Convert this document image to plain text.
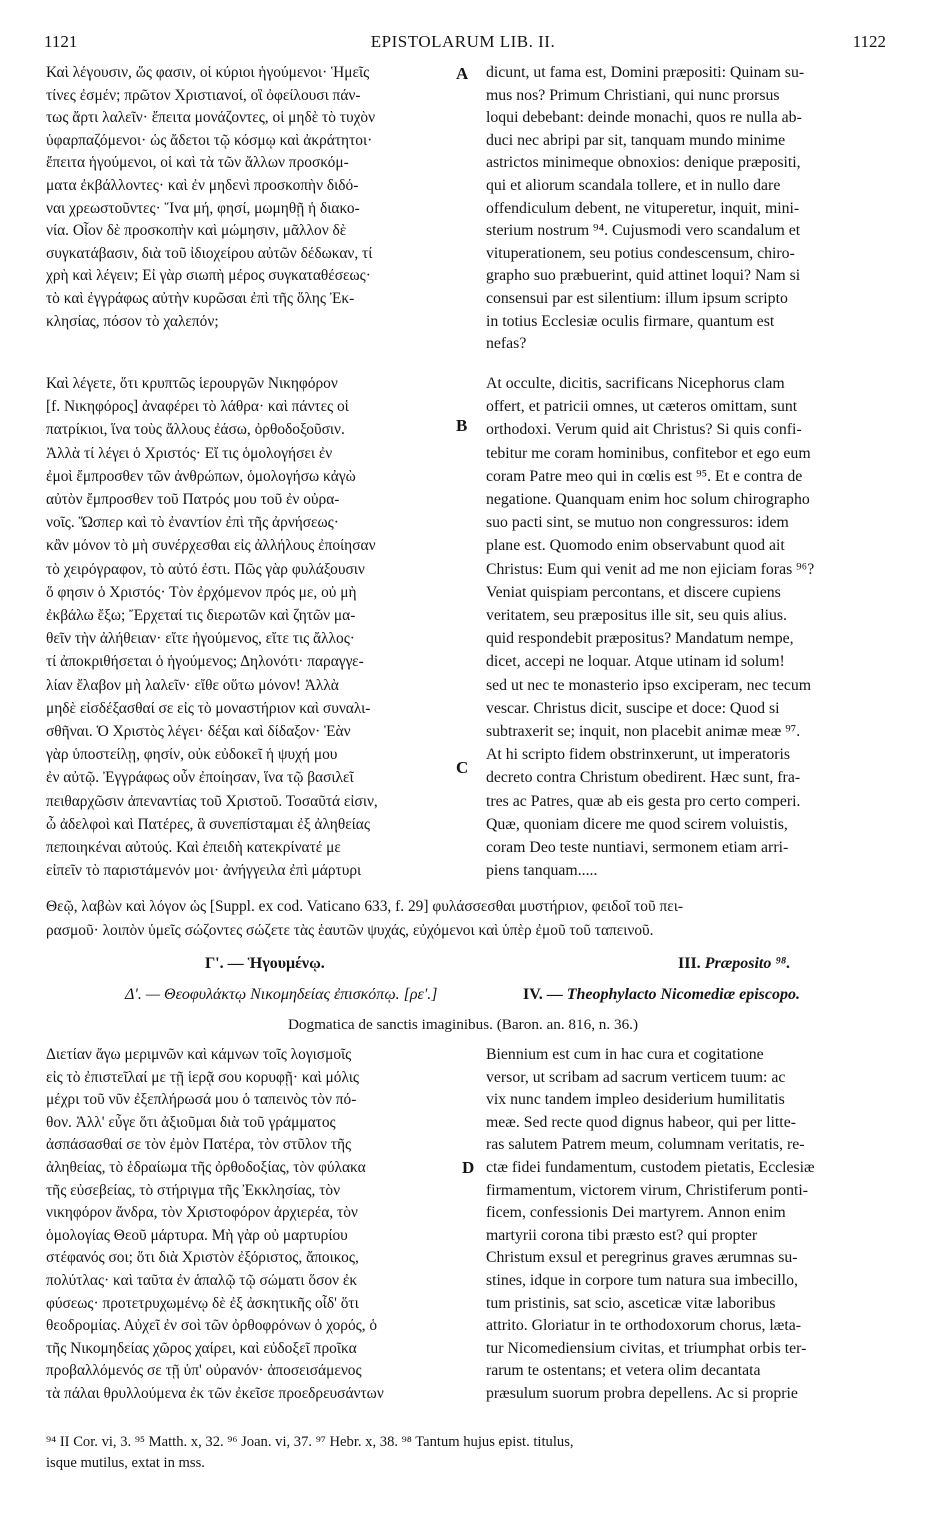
1121	EPISTOLARUM LIB. II.	1122
Καὶ λέγουσιν, ὥς φασιν, οἱ κύριοι ἡγούμενοι· Ἡμεῖς
τίνες ἐσμέν; πρῶτον Χριστιανοί, οἳ ὀφείλουσι πάν-
τως ἄρτι λαλεῖν· ἔπειτα μονάζοντες, οἱ μηδὲ τὸ τυχὸν
ὑφαρπαζόμενοι· ὡς ἄδετοι τῷ κόσμῳ καὶ ἀκράτητοι·
ἔπειτα ἡγούμενοι, οἱ καὶ τὰ τῶν ἄλλων προσκόμ-
ματα ἐκβάλλοντες· καὶ ἐν μηδενὶ προσκοπὴν διδό-
ναι χρεωστοῦντες· Ἵνα μή, φησί, μωμηθῇ ἡ διακο-
νία. Οἷον δὲ προσκοπὴν καὶ μώμησιν, μᾶλλον δὲ
συγκατάβασιν, διὰ τοῦ ἰδιοχείρου αὐτῶν δέδωκαν, τί
χρὴ καὶ λέγειν; Εἰ γὰρ σιωπὴ μέρος συγκαταθέσεως·
τὸ καὶ ἐγγράφως αὐτὴν κυρῶσαι ἐπὶ τῆς ὅλης Ἐκ-
κλησίας, πόσον τὸ χαλεπόν;
dicunt, ut fama est, Domini præpositi: Quinam su-
mus nos? Primum Christiani, qui nunc prorsus
loqui debebant: deinde monachi, quos re nulla ab-
duci nec abripi par sit, tanquam mundo minime
astrictos minimeque obnoxios: denique præpositi,
qui et aliorum scandala tollere, et in nullo dare
offendiculum debent, ne vituperetur, inquit, mini-
sterium nostrum ⁹⁴. Cujusmodi vero scandalum et
vituperationem, seu potius condescensum, chiro-
grapho suo præbuerint, quid attinet loqui? Nam si
consensui par est silentium: illum ipsum scripto
in totius Ecclesiæ oculis firmare, quantum est
nefas?
Καὶ λέγετε, ὅτι κρυπτῶς ἱερουργῶν Νικηφόρον
[f. Νικηφόρος] ἀναφέρει τὸ λάθρα· καὶ πάντες οἱ
πατρίκιοι, ἵνα τοὺς ἄλλους ἐάσω, ὀρθοδοξοῦσιν.
Ἀλλὰ τί λέγει ὁ Χριστός· Εἴ τις ὁμολογήσει ἐν
ἐμοὶ ἔμπροσθεν τῶν ἀνθρώπων, ὁμολογήσω κἀγὼ
αὐτὸν ἔμπροσθεν τοῦ Πατρός μου τοῦ ἐν οὐρα-
νοῖς. Ὥσπερ καὶ τὸ ἐναντίον ἐπὶ τῆς ἀρνήσεως·
κἂν μόνον τὸ μὴ συνέρχεσθαι εἰς ἀλλήλους ἐποίησαν
τὸ χειρόγραφον, τὸ αὐτό ἐστι. Πῶς γὰρ φυλάξουσιν
ὅ φησιν ὁ Χριστός· Τὸν ἐρχόμενον πρός με, οὐ μὴ
ἐκβάλω ἔξω; Ἔρχεταί τις διερωτῶν καὶ ζητῶν μα-
θεῖν τὴν ἀλήθειαν· εἴτε ἡγούμενος, εἴτε τις ἄλλος·
τί ἀποκριθήσεται ὁ ἡγούμενος; Δηλονότι· παραγγε-
λίαν ἔλαβον μὴ λαλεῖν· εἴθε οὕτω μόνον! Ἀλλὰ
μηδὲ εἰσδέξασθαί σε εἰς τὸ μοναστήριον καὶ συναλι-
σθῆναι. Ὁ Χριστὸς λέγει· δέξαι καὶ δίδαξον· Ἐὰν
γὰρ ὑποστείλῃ, φησίν, οὐκ εὐδοκεῖ ἡ ψυχή μου
ἐν αὐτῷ. Ἐγγράφως οὖν ἐποίησαν, ἵνα τῷ βασιλεῖ
πειθαρχῶσιν ἀπεναντίας τοῦ Χριστοῦ. Τοσαῦτά εἰσιν,
ὦ ἀδελφοὶ καὶ Πατέρες, ἃ συνεπίσταμαι ἐξ ἀληθείας
πεποιηκέναι αὐτούς. Καὶ ἐπειδὴ κατεκρίνατέ με
εἰπεῖν τὸ παριστάμενόν μοι· ἀνήγγειλα ἐπὶ μάρτυρι
At occulte, dicitis, sacrificans Nicephorus clam
offert, et patricii omnes, ut cæteros omittam, sunt
orthodoxi. Verum quid ait Christus? Si quis confi-
tebitur me coram hominibus, confitebor et ego eum
coram Patre meo qui in cœlis est ⁹⁵. Et e contra de
negatione. Quanquam enim hoc solum chirographo
suo pacti sint, se mutuo non congressuros: idem
plane est. Quomodo enim observabunt quod ait
Christus: Eum qui venit ad me non ejiciam foras ⁹⁶?
Veniat quispiam percontans, et discere cupiens
veritatem, seu præpositus ille sit, seu quis alius.
quid respondebit præpositus? Mandatum nempe,
dicet, accepi ne loquar. Atque utinam id solum!
sed ut nec te monasterio ipso exciperam, nec tecum
vescar. Christus dicit, suscipe et doce: Quod si
subtraxerit se; inquit, non placebit animæ meæ ⁹⁷.
At hi scripto fidem obstrinxerunt, ut imperatoris
decreto contra Christum obedirent. Hæc sunt, fra-
tres ac Patres, quæ ab eis gesta pro certo comperi.
Quæ, quoniam dicere me quod scirem voluistis,
coram Deo teste nuntiavi, sermonem etiam arri-
piens tanquam.....
A
B
C
D
Θεῷ, λαβὼν καὶ λόγον ὡς [Suppl. ex cod. Vaticano 633, f. 29] φυλάσσεσθαι μυστήριον, φειδοῖ τοῦ πει-
ρασμοῦ· λοιπὸν ὑμεῖς σώζοντες σώζετε τὰς ἑαυτῶν ψυχάς, εὐχόμενοι καὶ ὑπὲρ ἐμοῦ τοῦ ταπεινοῦ.
Γ'. — Ἡγουμένῳ.	III. Præposito ⁹⁸.
Δ'. — Θεοφυλάκτῳ Νικομηδείας ἐπισκόπῳ. [ρε'.]	IV. — Theophylacto Nicomediæ episcopo.
Dogmatica de sanctis imaginibus. (Baron. an. 816, n. 36.)
Διετίαν ἄγω μεριμνῶν καὶ κάμνων τοῖς λογισμοῖς
εἰς τὸ ἐπιστεῖλαί με τῇ ἱερᾷ σου κορυφῇ· καὶ μόλις
μέχρι τοῦ νῦν ἐξεπλήρωσά μου ὁ ταπεινὸς τὸν πό-
θον. Ἀλλ' εὖγε ὅτι ἀξιοῦμαι διὰ τοῦ γράμματος
ἀσπάσασθαί σε τὸν ἐμὸν Πατέρα, τὸν στῦλον τῆς
ἀληθείας, τὸ ἑδραίωμα τῆς ὀρθοδοξίας, τὸν φύλακα
τῆς εὐσεβείας, τὸ στήριγμα τῆς Ἐκκλησίας, τὸν
νικηφόρον ἄνδρα, τὸν Χριστοφόρον ἀρχιερέα, τὸν
ὁμολογίας Θεοῦ μάρτυρα. Μὴ γὰρ οὐ μαρτυρίου
στέφανός σοι; ὅτι διὰ Χριστὸν ἐξόριστος, ἄποικος,
πολύτλας· καὶ ταῦτα ἐν ἁπαλῷ τῷ σώματι ὅσον ἐκ
φύσεως· προτετρυχωμένῳ δὲ ἐξ ἀσκητικῆς οἶδ' ὅτι
θεοδρομίας. Αὐχεῖ ἐν σοὶ τῶν ὀρθοφρόνων ὁ χορός, ὁ
τῆς Νικομηδείας χῶρος χαίρει, καὶ εὐδοξεῖ προῖκα
προβαλλόμενός σε τῇ ὑπ' οὐρανόν· ἀποσεισάμενος
τὰ πάλαι θρυλλούμενα ἐκ τῶν ἐκεῖσε προεδρευσάντων
Biennium est cum in hac cura et cogitatione
versor, ut scribam ad sacrum verticem tuum: ac
vix nunc tandem impleo desiderium humilitatis
meæ. Sed recte quod dignus habeor, qui per litte-
ras salutem Patrem meum, columnam veritatis, re-
ctæ fidei fundamentum, custodem pietatis, Ecclesiæ
firmamentum, victorem virum, Christiferum ponti-
ficem, confessionis Dei martyrem. Annon enim
martyrii corona tibi præsto est? qui propter
Christum exsul et peregrinus graves ærumnas su-
stines, idque in corpore tum natura sua imbecillo,
tum pristinis, sat scio, asceticæ vitæ laboribus
attrito. Gloriatur in te orthodoxorum chorus, læta-
tur Nicomediensium civitas, et triumphat orbis ter-
rarum te ostentans; et vetera olim decantata
præsulum suorum probra depellens. Ac si proprie
⁹⁴ II Cor. vi, 3. ⁹⁵ Matth. x, 32. ⁹⁶ Joan. vi, 37. ⁹⁷ Hebr. x, 38. ⁹⁸ Tantum hujus epist. titulus,
isque mutilus, extat in mss.
